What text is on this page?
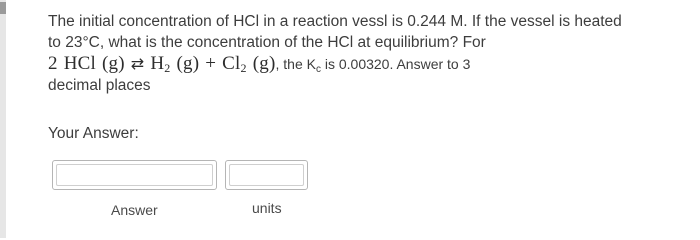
The initial concentration of HCl in a reaction vessl is 0.244 M. If the vessel is heated
to 23°C, what is the concentration of the HCl at equilibrium? For
2 HCl (g) ⇄ $H_2$ $(g) + Cl_2$ (g), the $K_c$ is 0.00320. Answer to 3
decimal places
Your Answer:
Answer	units
